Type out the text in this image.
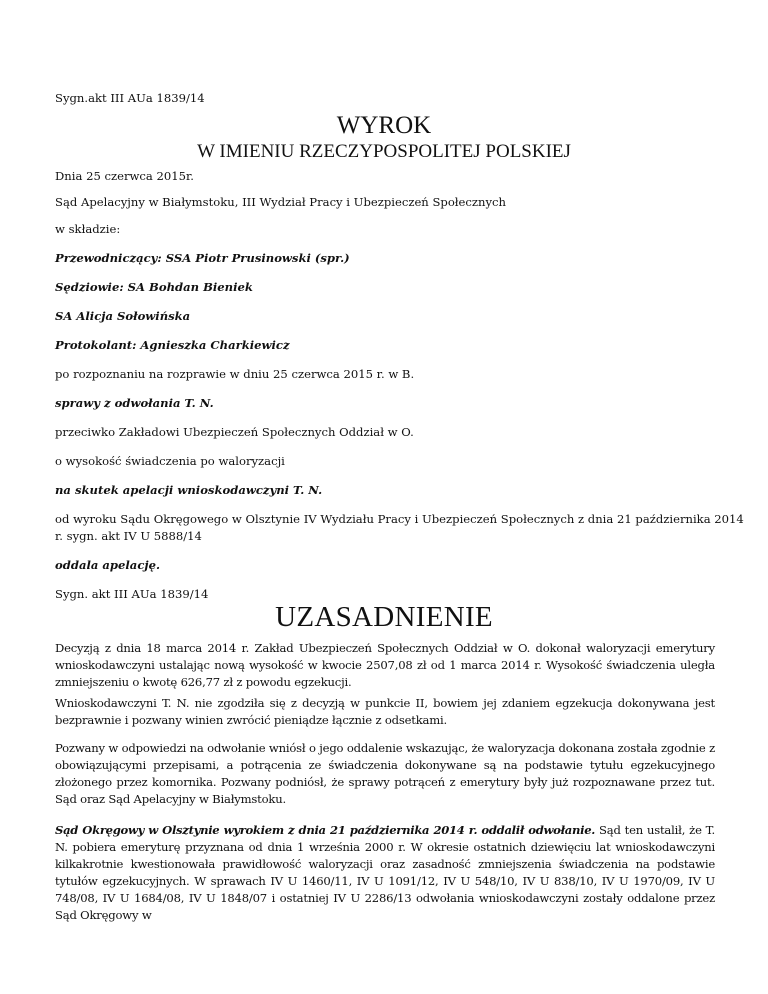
Sygn.akt III AUa 1839/14

WYROK
W IMIENIU RZECZYPOSPOLITEJ POLSKIEJ

Dnia 25 czerwca 2015r.

Sąd Apelacyjny w Białymstoku, III Wydział Pracy i Ubezpieczeń Społecznych

w składzie:

Przewodniczący: SSA Piotr Prusinowski (spr.)

Sędziowie: SA Bohdan Bieniek

SA Alicja Sołowińska

Protokolant: Agnieszka Charkiewicz

po rozpoznaniu na rozprawie w dniu 25 czerwca 2015 r. w B.

sprawy z odwołania T. N.

przeciwko Zakładowi Ubezpieczeń Społecznych Oddział w O.

o wysokość świadczenia po waloryzacji

na skutek apelacji wnioskodawczyni T. N.

od wyroku Sądu Okręgowego w Olsztynie IV Wydziału Pracy i Ubezpieczeń Społecznych z dnia 21 października 2014

r. sygn. akt IV U 5888/14

oddala apelację.

Sygn. akt III AUa 1839/14

UZASADNIENIE

Decyzją z dnia 18 marca 2014 r. Zakład Ubezpieczeń Społecznych Oddział w O. dokonał waloryzacji emerytury wnioskodawczyni ustalając nową wysokość w kwocie 2507,08 zł od 1 marca 2014 r. Wysokość świadczenia uległa zmniejszeniu o kwotę 626,77 zł z powodu egzekucji.

Wnioskodawczyni T. N. nie zgodziła się z decyzją w punkcie II, bowiem jej zdaniem egzekucja dokonywana jest bezprawnie i pozwany winien zwrócić pieniądze łącznie z odsetkami.

Pozwany w odpowiedzi na odwołanie wniósł o jego oddalenie wskazując, że waloryzacja dokonana została zgodnie z obowiązującymi przepisami, a potrącenia ze świadczenia dokonywane są na podstawie tytułu egzekucyjnego złożonego przez komornika. Pozwany podniósł, że sprawy potrąceń z emerytury były już rozpoznawane przez tut. Sąd oraz Sąd Apelacyjny w Białymstoku.

Sąd Okręgowy w Olsztynie wyrokiem z dnia 21 października 2014 r. oddalił odwołanie. Sąd ten ustalił, że T. N. pobiera emeryturę przyznana od dnia 1 września 2000 r. W okresie ostatnich dziewięciu lat wnioskodawczyni kilkakrotnie kwestionowała prawidłowość waloryzacji oraz zasadność zmniejszenia świadczenia na podstawie tytułów egzekucyjnych. W sprawach IV U 1460/11, IV U 1091/12, IV U 548/10, IV U 838/10, IV U 1970/09, IV U 748/08, IV U 1684/08, IV U 1848/07 i ostatniej IV U 2286/13 odwołania wnioskodawczyni zostały oddalone przez Sąd Okręgowy w
